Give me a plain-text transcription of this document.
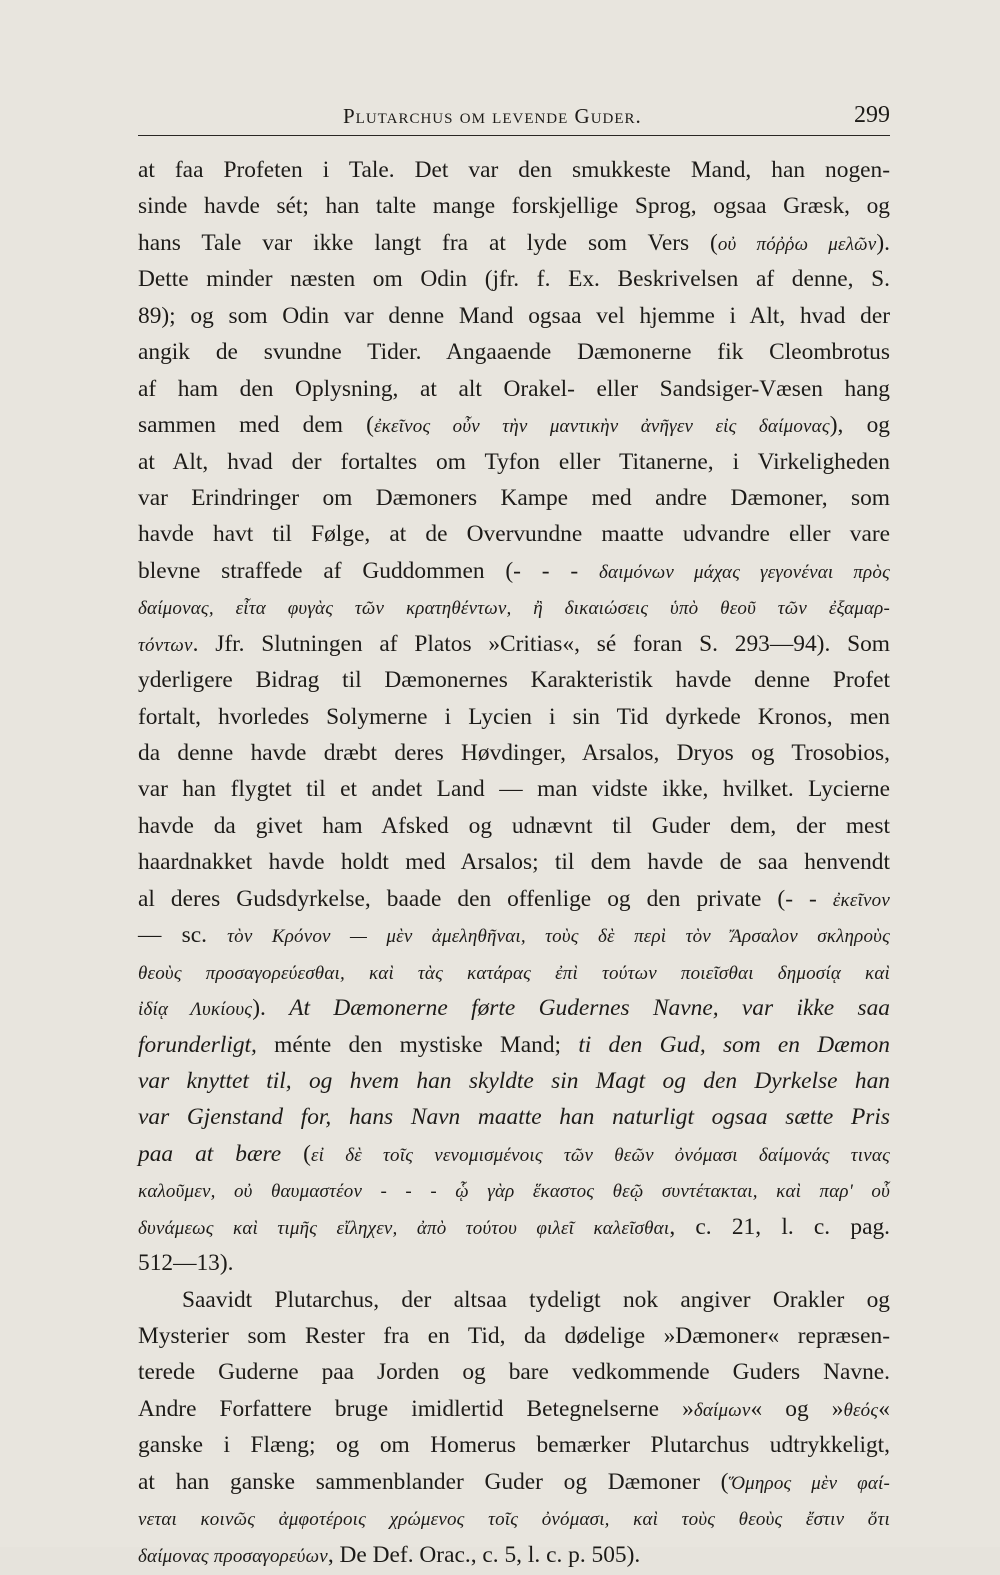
Plutarchus om levende Guder.	299
at faa Profeten i Tale. Det var den smukkeste Mand, han nogen-
sinde havde sét; han talte mange forskjellige Sprog, ogsaa Græsk, og
hans Tale var ikke langt fra at lyde som Vers (οὐ πόῤῥω μελῶν).
Dette minder næsten om Odin (jfr. f. Ex. Beskrivelsen af denne, S.
89); og som Odin var denne Mand ogsaa vel hjemme i Alt, hvad der
angik de svundne Tider. Angaaende Dæmonerne fik Cleombrotus
af ham den Oplysning, at alt Orakel- eller Sandsiger-Væsen hang
sammen med dem (ἐκεῖνος οὖν τὴν μαντικὴν ἀνῆγεν εἰς δαίμονας), og
at Alt, hvad der fortaltes om Tyfon eller Titanerne, i Virkeligheden
var Erindringer om Dæmoners Kampe med andre Dæmoner, som
havde havt til Følge, at de Overvundne maatte udvandre eller vare
blevne straffede af Guddommen (- - - δαιμόνων μάχας γεγονέναι πρὸς
δαίμονας, εἶτα φυγὰς τῶν κρατηθέντων, ἢ δικαιώσεις ὑπὸ θεοῦ τῶν ἐξαμαρ-
τόντων. Jfr. Slutningen af Platos »Critias«, sé foran S. 293—94). Som
yderligere Bidrag til Dæmonernes Karakteristik havde denne Profet
fortalt, hvorledes Solymerne i Lycien i sin Tid dyrkede Kronos, men
da denne havde dræbt deres Høvdinger, Arsalos, Dryos og Trosobios,
var han flygtet til et andet Land — man vidste ikke, hvilket. Lycierne
havde da givet ham Afsked og udnævnt til Guder dem, der mest
haardnakket havde holdt med Arsalos; til dem havde de saa henvendt
al deres Gudsdyrkelse, baade den offenlige og den private (- - ἐκεῖνον
— sc. τὸν Κρόνον — μὲν ἀμεληθῆναι, τοὺς δὲ περὶ τὸν Ἄρσαλον σκληροὺς
θεοὺς προσαγορεύεσθαι, καὶ τὰς κατάρας ἐπὶ τούτων ποιεῖσθαι δημοσίᾳ καὶ
ἰδίᾳ Λυκίους). At Dæmonerne førte Gudernes Navne, var ikke saa
forunderligt, ménte den mystiske Mand; ti den Gud, som en Dæmon
var knyttet til, og hvem han skyldte sin Magt og den Dyrkelse han
var Gjenstand for, hans Navn maatte han naturligt ogsaa sætte Pris
paa at bære (εἰ δὲ τοῖς νενομισμένοις τῶν θεῶν ὀνόμασι δαίμονάς τινας
καλοῦμεν, οὐ θαυμαστέον - - - ᾧ γὰρ ἕκαστος θεῷ συντέτακται, καὶ παρ' οὗ
δυνάμεως καὶ τιμῆς εἴληχεν, ἀπὸ τούτου φιλεῖ καλεῖσθαι, c. 21, l. c. pag.
512—13).
Saavidt Plutarchus, der altsaa tydeligt nok angiver Orakler og
Mysterier som Rester fra en Tid, da dødelige »Dæmoner« repræsen-
terede Guderne paa Jorden og bare vedkommende Guders Navne.
Andre Forfattere bruge imidlertid Betegnelserne »δαίμων« og »θεός«
ganske i Flæng; og om Homerus bemærker Plutarchus udtrykkeligt,
at han ganske sammenblander Guder og Dæmoner (Ὅμηρος μὲν φαί-
νεται κοινῶς ἀμφοτέροις χρώμενος τοῖς ὀνόμασι, καὶ τοὺς θεοὺς ἔστιν ὅτι
δαίμονας προσαγορεύων, De Def. Orac., c. 5, l. c. p. 505).
